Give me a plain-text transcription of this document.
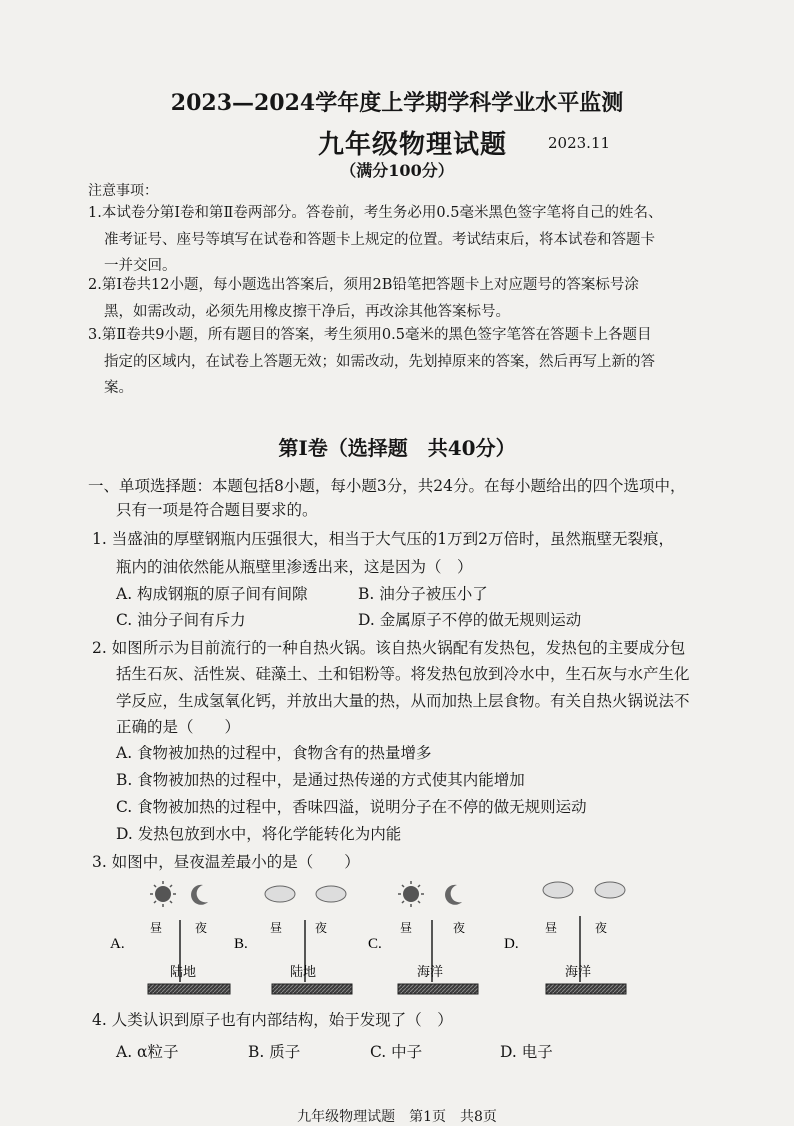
2023—2024学年度上学期学科学业水平监测
九年级物理试题	2023.11
（满分100分）
注意事项：
1.本试卷分第Ⅰ卷和第Ⅱ卷两部分。答卷前，考生务必用0.5毫米黑色签字笔将自己的姓名、
准考证号、座号等填写在试卷和答题卡上规定的位置。考试结束后，将本试卷和答题卡
一并交回。
2.第Ⅰ卷共12小题，每小题选出答案后，须用2B铅笔把答题卡上对应题号的答案标号涂
黑，如需改动，必须先用橡皮擦干净后，再改涂其他答案标号。
3.第Ⅱ卷共9小题，所有题目的答案，考生须用0.5毫米的黑色签字笔答在答题卡上各题目
指定的区域内，在试卷上答题无效；如需改动，先划掉原来的答案，然后再写上新的答
案。
第Ⅰ卷（选择题　共40分）
一、单项选择题：本题包括8小题，每小题3分，共24分。在每小题给出的四个选项中，
只有一项是符合题目要求的。
1. 当盛油的厚壁钢瓶内压强很大，相当于大气压的1万到2万倍时，虽然瓶壁无裂痕，
瓶内的油依然能从瓶壁里渗透出来，这是因为（　）
A. 构成钢瓶的原子间有间隙	B. 油分子被压小了
C. 油分子间有斥力	D. 金属原子不停的做无规则运动
2. 如图所示为目前流行的一种自热火锅。该自热火锅配有发热包，发热包的主要成分包
括生石灰、活性炭、硅藻土、土和铝粉等。将发热包放到冷水中，生石灰与水产生化
学反应，生成氢氧化钙，并放出大量的热，从而加热上层食物。有关自热火锅说法不
正确的是（　　）
A. 食物被加热的过程中，食物含有的热量增多
B. 食物被加热的过程中，是通过热传递的方式使其内能增加
C. 食物被加热的过程中，香味四溢，说明分子在不停的做无规则运动
D. 发热包放到水中，将化学能转化为内能
3. 如图中，昼夜温差最小的是（　　）
A.
昼	夜
陆地
B.
昼	夜
陆地
C.
昼	夜
海洋
D.
昼	夜
海洋
4. 人类认识到原子也有内部结构，始于发现了（　）
A. α粒子	B. 质子	C. 中子	D. 电子
九年级物理试题　第1页　共8页
